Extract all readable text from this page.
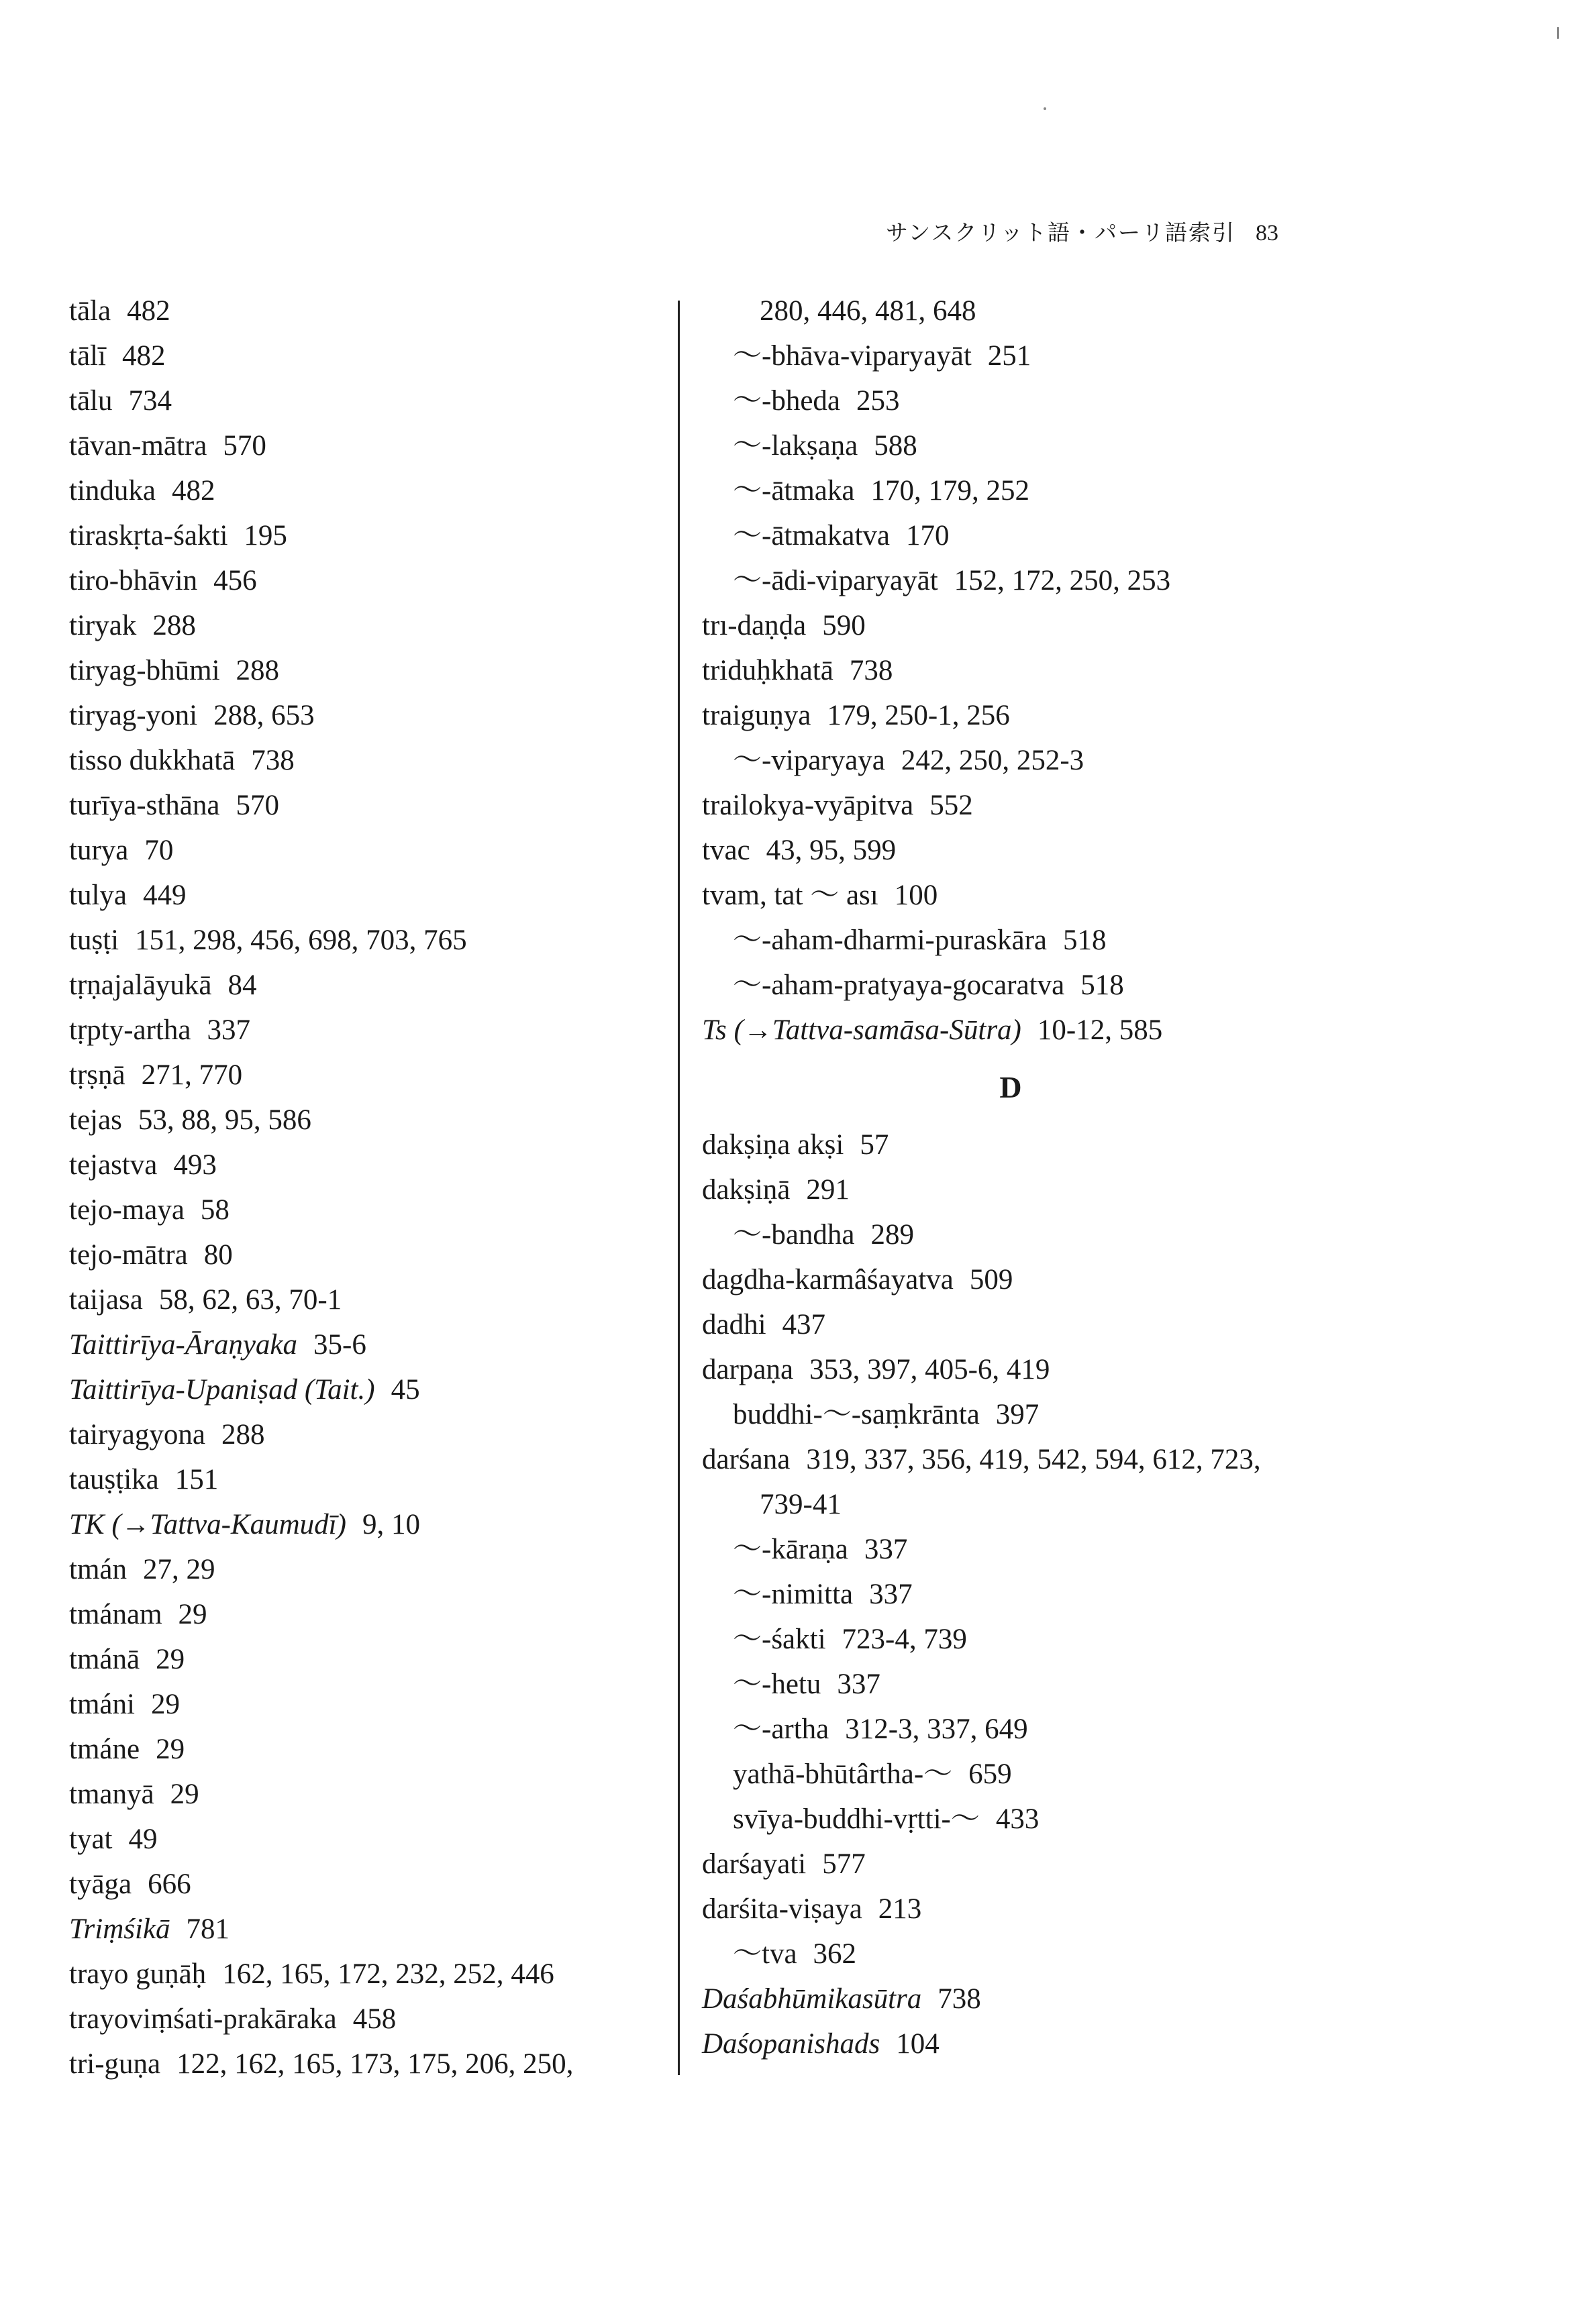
サンスクリット語・パーリ語索引 83
tāla 482
tālī 482
tālu 734
tāvan-mātra 570
tinduka 482
tiraskṛta-śakti 195
tiro-bhāvin 456
tiryak 288
tiryag-bhūmi 288
tiryag-yoni 288, 653
tisso dukkhatā 738
turīya-sthāna 570
turya 70
tulya 449
tuṣṭi 151, 298, 456, 698, 703, 765
tṛṇajalāyukā 84
tṛpty-artha 337
tṛṣṇā 271, 770
tejas 53, 88, 95, 586
tejastva 493
tejo-maya 58
tejo-mātra 80
taijasa 58, 62, 63, 70-1
Taittirīya-Āraṇyaka 35-6
Taittirīya-Upaniṣad (Tait.) 45
tairyagyona 288
tauṣṭika 151
TK (→Tattva-Kaumudī) 9, 10
tmán 27, 29
tmánam 29
tmánā 29
tmáni 29
tmáne 29
tmanyā 29
tyat 49
tyāga 666
Triṃśikā 781
trayo guṇāḥ 162, 165, 172, 232, 252, 446
trayoviṃśati-prakāraka 458
tri-guṇa 122, 162, 165, 173, 175, 206, 250,
280, 446, 481, 648
～-bhāva-viparyayāt 251
～-bheda 253
～-lakṣaṇa 588
～-ātmaka 170, 179, 252
～-ātmakatva 170
～-ādi-viparyayāt 152, 172, 250, 253
trı-daṇḍa 590
triduḥkhatā 738
traiguṇya 179, 250-1, 256
～-viparyaya 242, 250, 252-3
trailokya-vyāpitva 552
tvac 43, 95, 599
tvam, tat ～ ası 100
～-aham-dharmi-puraskāra 518
～-aham-pratyaya-gocaratva 518
Ts (→Tattva-samāsa-Sūtra) 10-12, 585
D
dakṣiṇa akṣi 57
dakṣiṇā 291
～-bandha 289
dagdha-karmâśayatva 509
dadhi 437
darpaṇa 353, 397, 405-6, 419
buddhi-～-saṃkrānta 397
darśana 319, 337, 356, 419, 542, 594, 612, 723,
739-41
～-kāraṇa 337
～-nimitta 337
～-śakti 723-4, 739
～-hetu 337
～-artha 312-3, 337, 649
yathā-bhūtârtha-～ 659
svīya-buddhi-vṛtti-～ 433
darśayati 577
darśita-viṣaya 213
～tva 362
Daśabhūmikasūtra 738
Daśopanishads 104
